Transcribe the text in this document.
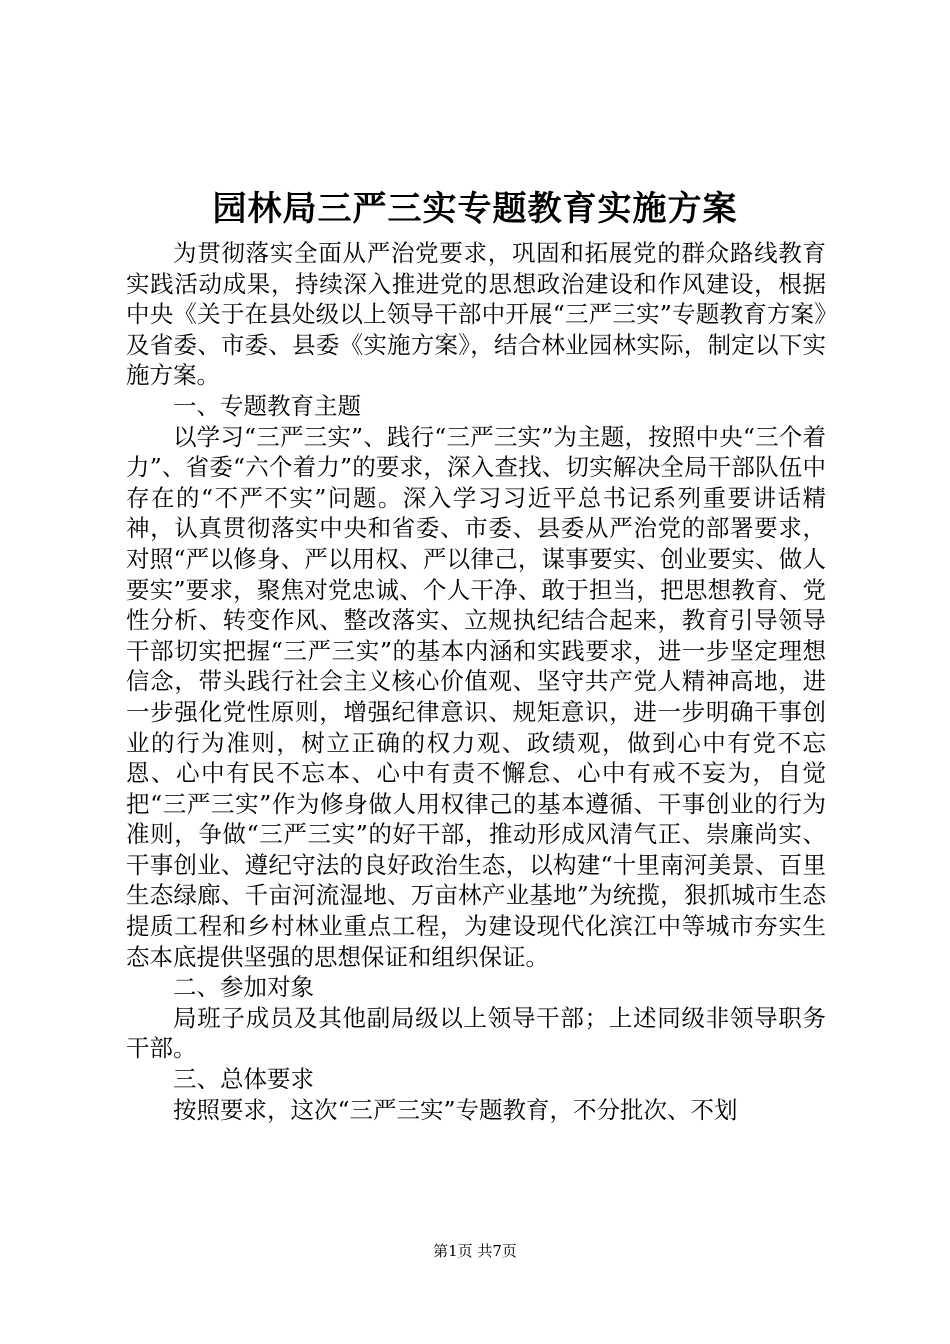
园林局三严三实专题教育实施方案

为贯彻落实全面从严治党要求，巩固和拓展党的群众路线教育实践活动成果，持续深入推进党的思想政治建设和作风建设，根据中央《关于在县处级以上领导干部中开展“三严三实”专题教育方案》及省委、市委、县委《实施方案》，结合林业园林实际，制定以下实施方案。

一、专题教育主题

以学习“三严三实”、践行“三严三实”为主题，按照中央“三个着力”、省委“六个着力”的要求，深入查找、切实解决全局干部队伍中存在的“不严不实”问题。深入学习习近平总书记系列重要讲话精神，认真贯彻落实中央和省委、市委、县委从严治党的部署要求，对照“严以修身、严以用权、严以律己，谋事要实、创业要实、做人要实”要求，聚焦对党忠诚、个人干净、敢于担当，把思想教育、党性分析、转变作风、整改落实、立规执纪结合起来，教育引导领导干部切实把握“三严三实”的基本内涵和实践要求，进一步坚定理想信念，带头践行社会主义核心价值观、坚守共产党人精神高地，进一步强化党性原则，增强纪律意识、规矩意识，进一步明确干事创业的行为准则，树立正确的权力观、政绩观，做到心中有党不忘恩、心中有民不忘本、心中有责不懈怠、心中有戒不妄为，自觉把“三严三实”作为修身做人用权律己的基本遵循、干事创业的行为准则，争做“三严三实”的好干部，推动形成风清气正、崇廉尚实、干事创业、遵纪守法的良好政治生态，以构建“十里南河美景、百里生态绿廊、千亩河流湿地、万亩林产业基地”为统揽，狠抓城市生态提质工程和乡村林业重点工程，为建设现代化滨江中等城市夯实生态本底提供坚强的思想保证和组织保证。

二、参加对象

局班子成员及其他副局级以上领导干部；上述同级非领导职务干部。

三、总体要求

按照要求，这次“三严三实”专题教育，不分批次、不划

第1页 共7页
